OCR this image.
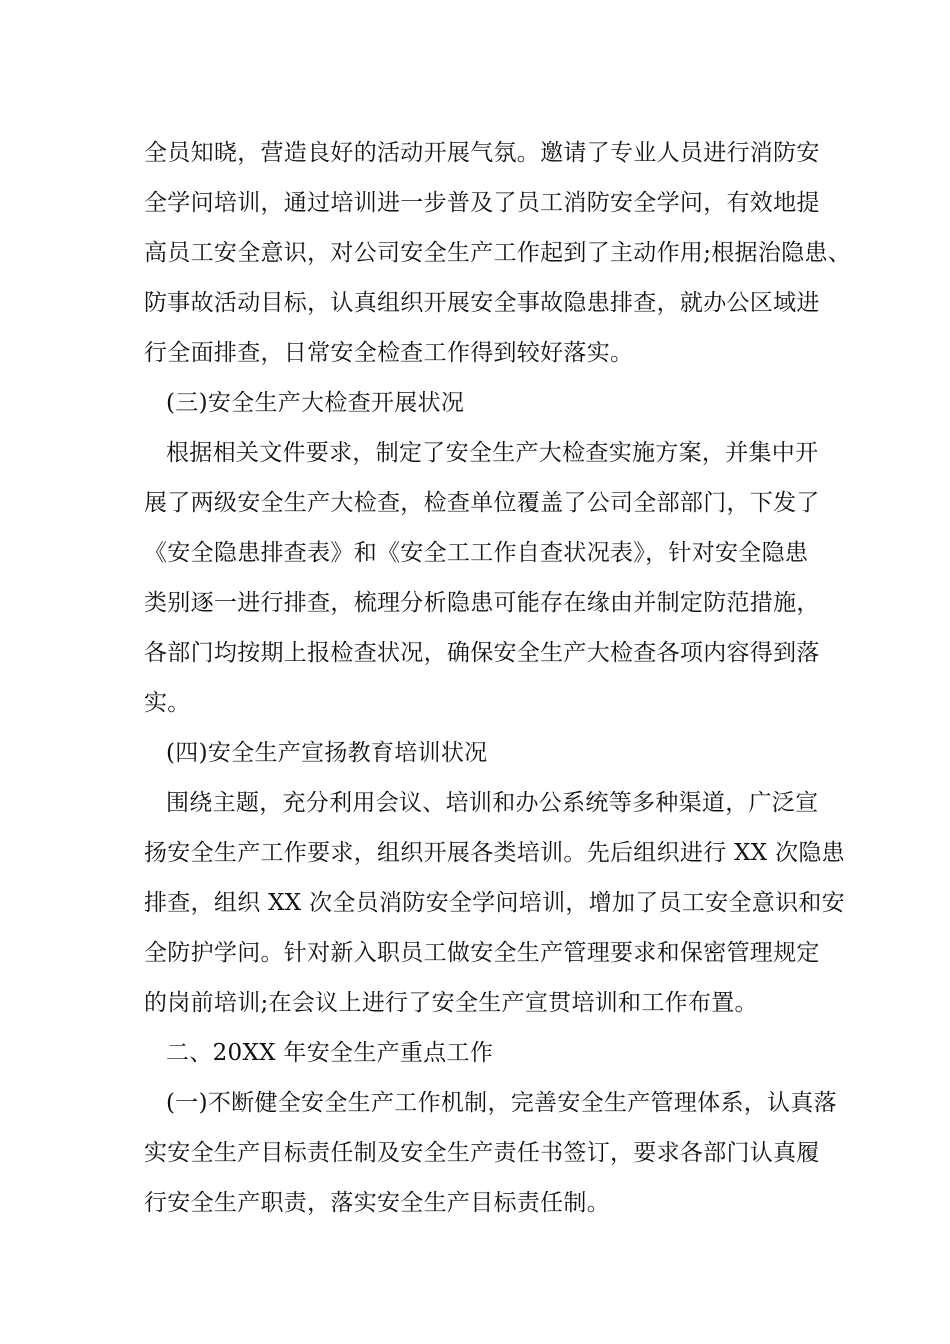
全员知晓，营造良好的活动开展气氛。邀请了专业人员进行消防安
全学问培训，通过培训进一步普及了员工消防安全学问，有效地提
高员工安全意识，对公司安全生产工作起到了主动作用;根据治隐患、
防事故活动目标，认真组织开展安全事故隐患排查，就办公区域进
行全面排查，日常安全检查工作得到较好落实。
(三)安全生产大检查开展状况
根据相关文件要求，制定了安全生产大检查实施方案，并集中开
展了两级安全生产大检查，检查单位覆盖了公司全部部门，下发了
《安全隐患排查表》和《安全工工作自查状况表》，针对安全隐患
类别逐一进行排查，梳理分析隐患可能存在缘由并制定防范措施，
各部门均按期上报检查状况，确保安全生产大检查各项内容得到落
实。
(四)安全生产宣扬教育培训状况
围绕主题，充分利用会议、培训和办公系统等多种渠道，广泛宣
扬安全生产工作要求，组织开展各类培训。先后组织进行 XX 次隐患
排查，组织 XX 次全员消防安全学问培训，增加了员工安全意识和安
全防护学问。针对新入职员工做安全生产管理要求和保密管理规定
的岗前培训;在会议上进行了安全生产宣贯培训和工作布置。
二、20XX 年安全生产重点工作
(一)不断健全安全生产工作机制，完善安全生产管理体系，认真落
实安全生产目标责任制及安全生产责任书签订，要求各部门认真履
行安全生产职责，落实安全生产目标责任制。
